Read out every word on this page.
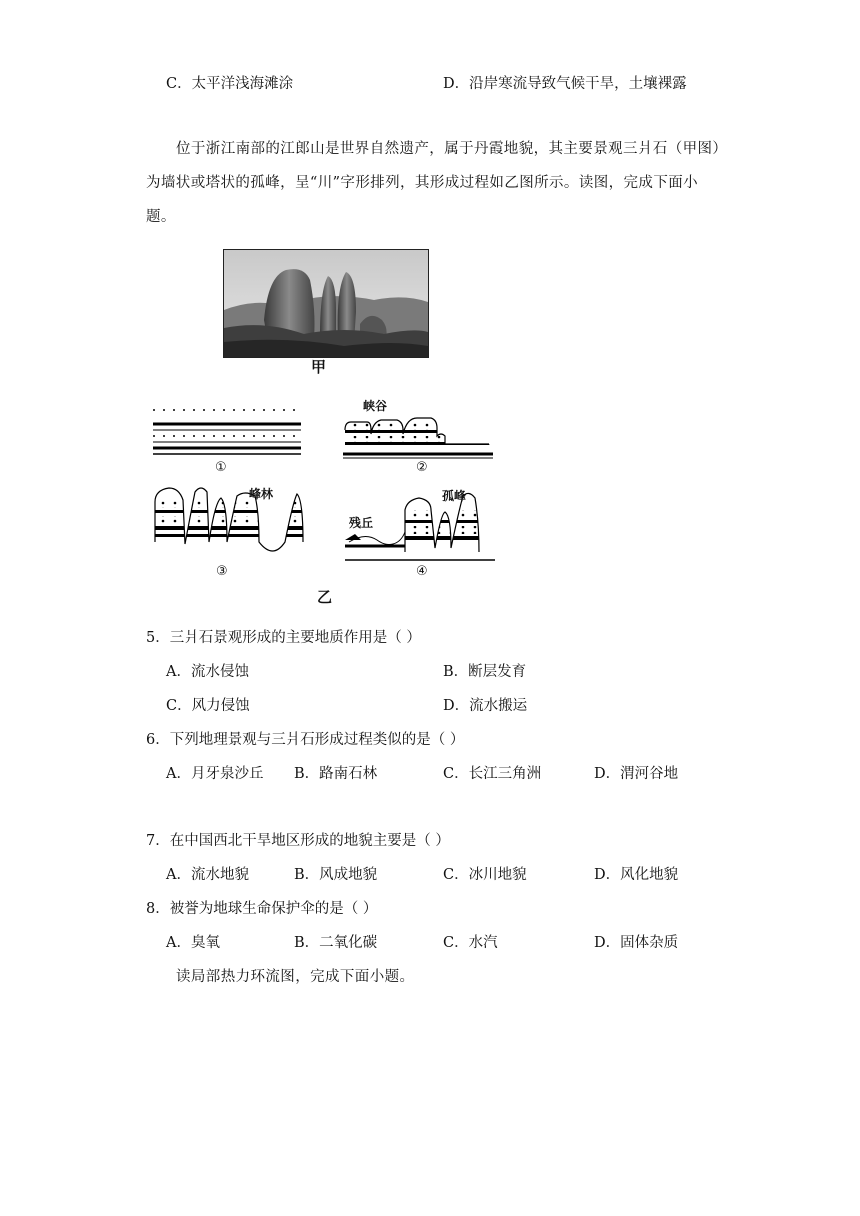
C．太平洋浅海滩涂	D．沿岸寒流导致气候干旱，土壤裸露
位于浙江南部的江郎山是世界自然遗产，属于丹霞地貌，其主要景观三爿石（甲图）
为墙状或塔状的孤峰，呈“川”字形排列，其形成过程如乙图所示。读图，完成下面小
题。
甲
峡谷
峰林	孤峰
残丘
①	②
③	④
乙
5．三爿石景观形成的主要地质作用是（ ）
A．流水侵蚀	B．断层发育
C．风力侵蚀	D．流水搬运
6．下列地理景观与三爿石形成过程类似的是（ ）
A．月牙泉沙丘 B．路南石林	C．长江三角洲	D．渭河谷地
7．在中国西北干旱地区形成的地貌主要是（ ）
A．流水地貌	B．风成地貌	C．冰川地貌	D．风化地貌
8．被誉为地球生命保护伞的是（ ）
A．臭氧	B．二氧化碳	C．水汽	D．固体杂质
读局部热力环流图，完成下面小题。
